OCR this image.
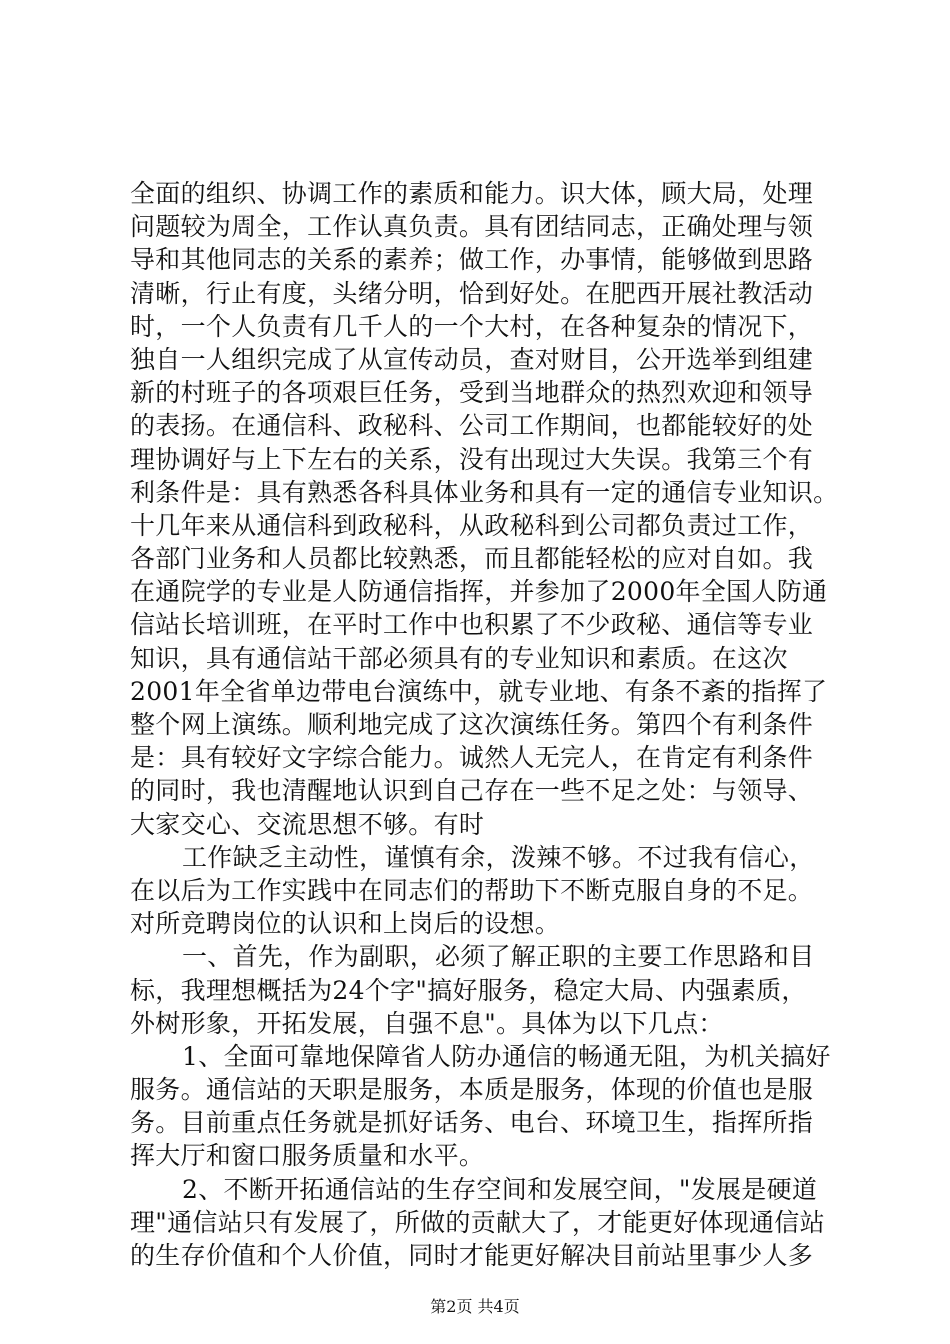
全面的组织、协调工作的素质和能力。识大体，顾大局，处理
问题较为周全，工作认真负责。具有团结同志，正确处理与领
导和其他同志的关系的素养；做工作，办事情，能够做到思路
清晰，行止有度，头绪分明，恰到好处。在肥西开展社教活动
时，一个人负责有几千人的一个大村，在各种复杂的情况下，
独自一人组织完成了从宣传动员，查对财目，公开选举到组建
新的村班子的各项艰巨任务，受到当地群众的热烈欢迎和领导
的表扬。在通信科、政秘科、公司工作期间，也都能较好的处
理协调好与上下左右的关系，没有出现过大失误。我第三个有
利条件是：具有熟悉各科具体业务和具有一定的通信专业知识。
十几年来从通信科到政秘科，从政秘科到公司都负责过工作，
各部门业务和人员都比较熟悉，而且都能轻松的应对自如。我
在通院学的专业是人防通信指挥，并参加了2000年全国人防通
信站长培训班，在平时工作中也积累了不少政秘、通信等专业
知识，具有通信站干部必须具有的专业知识和素质。在这次
2001年全省单边带电台演练中，就专业地、有条不紊的指挥了
整个网上演练。顺利地完成了这次演练任务。第四个有利条件
是：具有较好文字综合能力。诚然人无完人，在肯定有利条件
的同时，我也清醒地认识到自己存在一些不足之处：与领导、
大家交心、交流思想不够。有时
工作缺乏主动性，谨慎有余，泼辣不够。不过我有信心，
在以后为工作实践中在同志们的帮助下不断克服自身的不足。
对所竞聘岗位的认识和上岗后的设想。
一、首先，作为副职，必须了解正职的主要工作思路和目
标，我理想概括为24个字"搞好服务，稳定大局、内强素质，
外树形象，开拓发展，自强不息"。具体为以下几点：
1、全面可靠地保障省人防办通信的畅通无阻，为机关搞好
服务。通信站的天职是服务，本质是服务，体现的价值也是服
务。目前重点任务就是抓好话务、电台、环境卫生，指挥所指
挥大厅和窗口服务质量和水平。
2、不断开拓通信站的生存空间和发展空间，"发展是硬道
理"通信站只有发展了，所做的贡献大了，才能更好体现通信站
的生存价值和个人价值，同时才能更好解决目前站里事少人多
第2页 共4页
